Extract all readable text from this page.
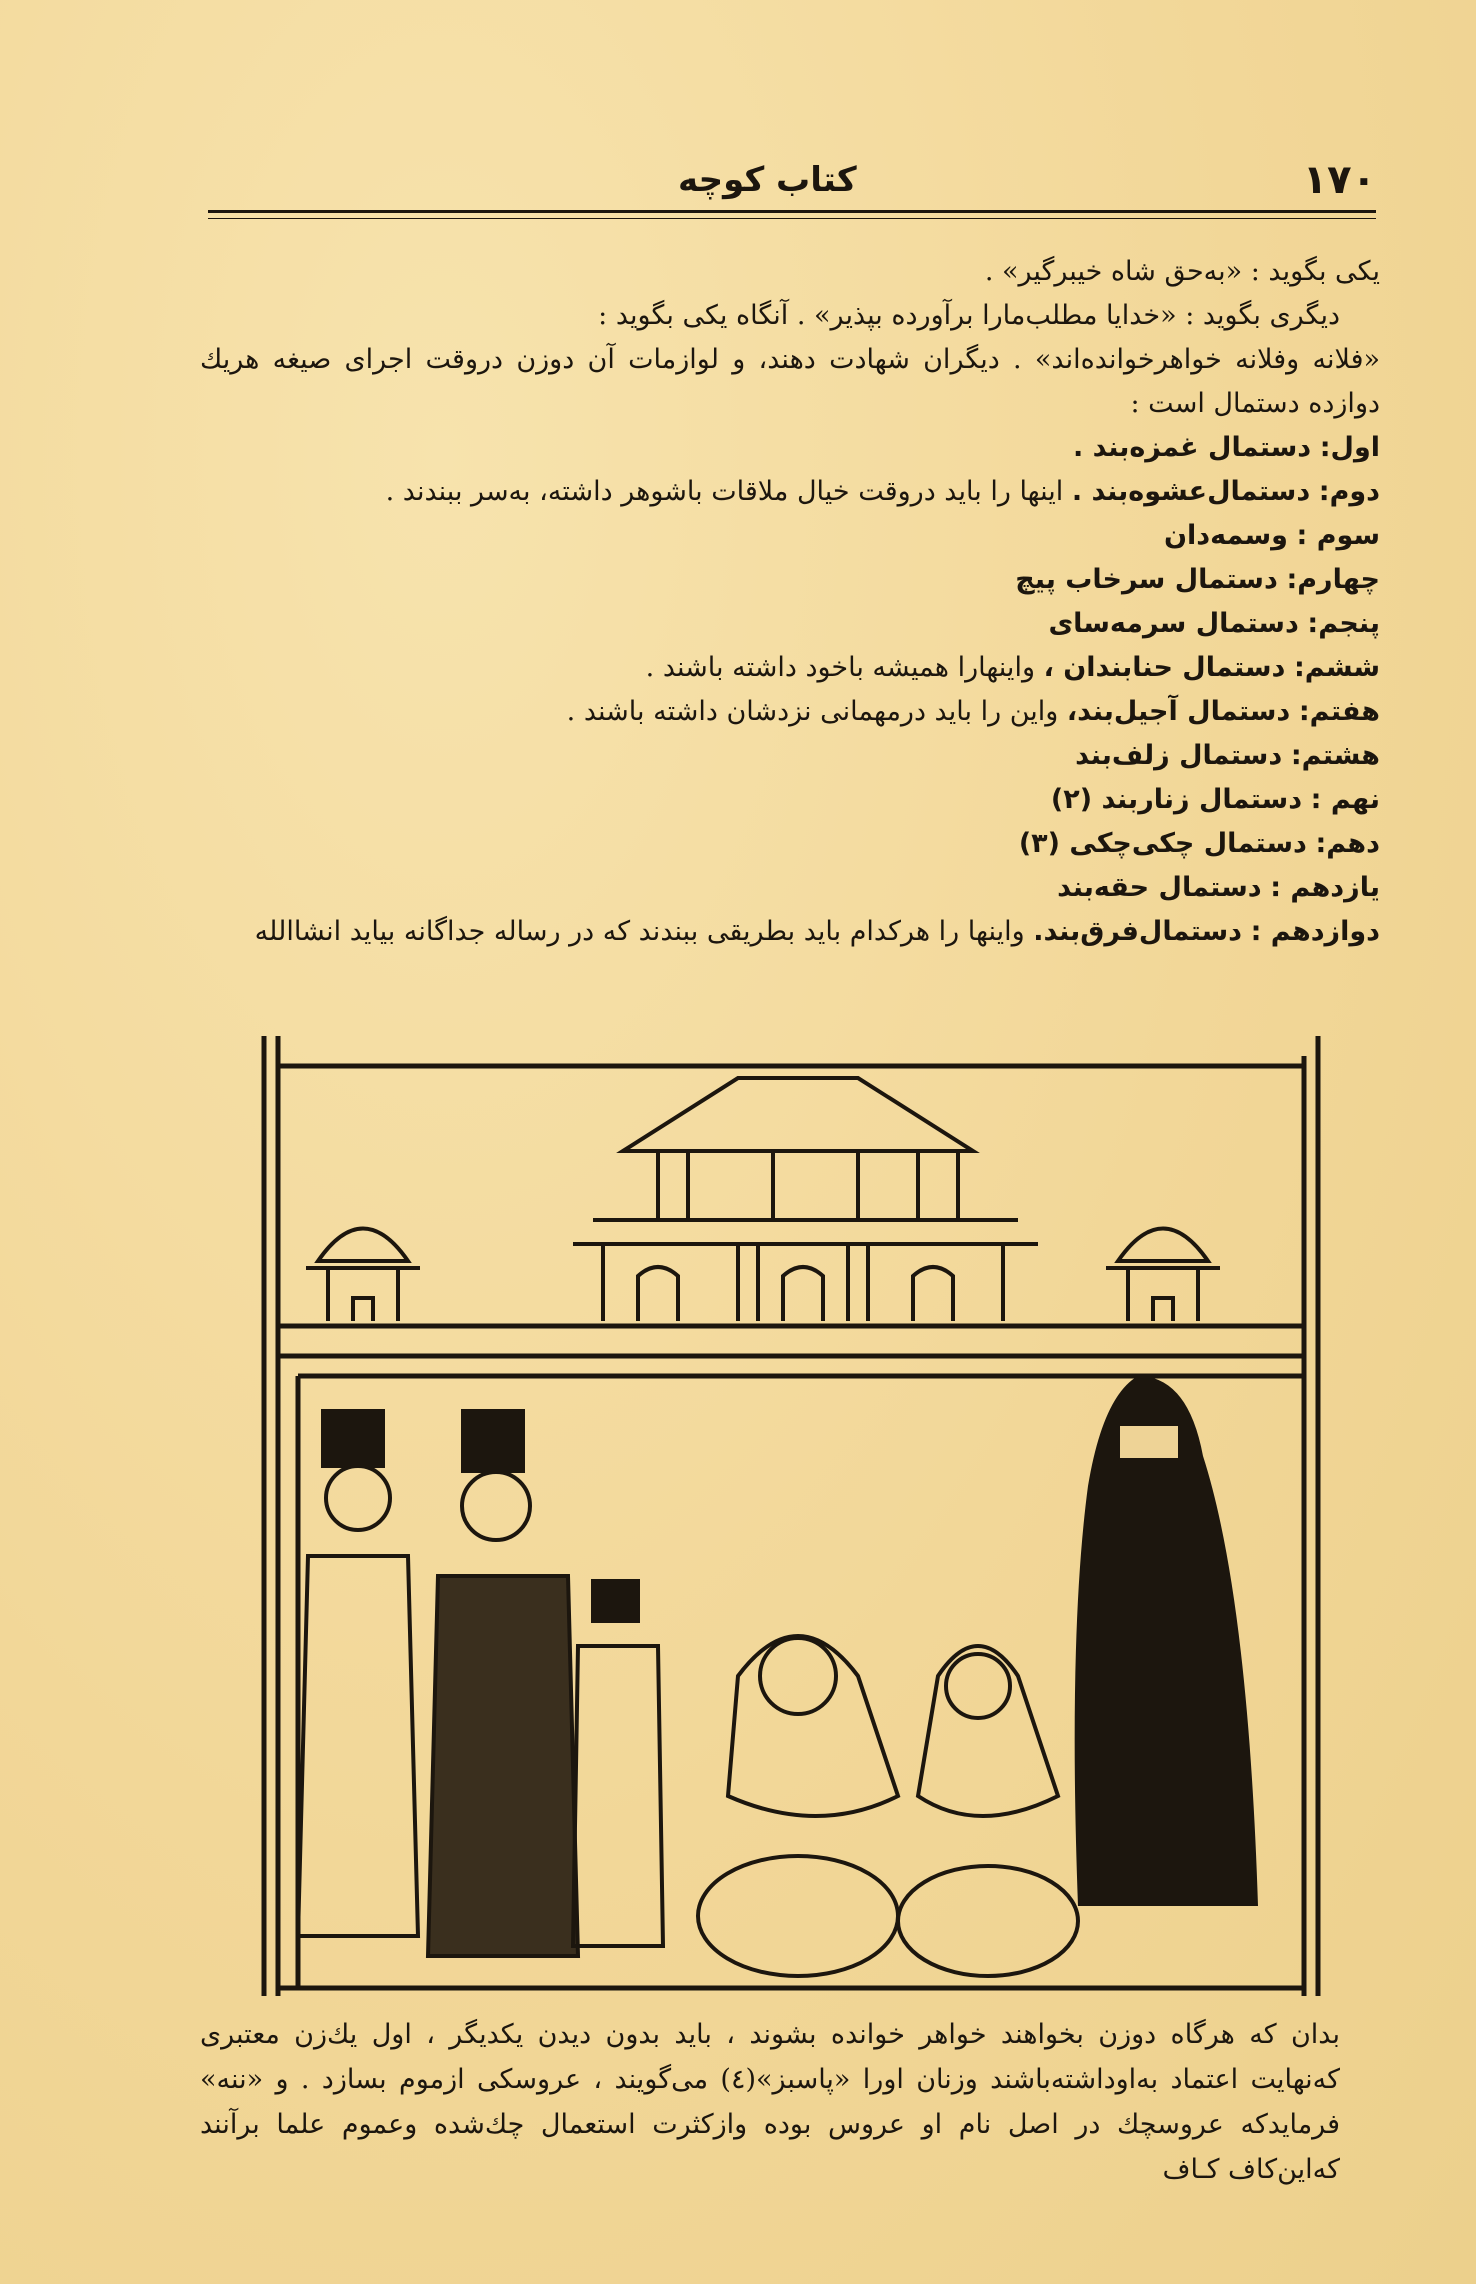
۱۷۰
کتاب کوچه

یکی بگوید : «به‌حق شاه خیبرگیر» .

دیگری بگوید : «خدایا مطلب‌مارا برآورده بپذیر» . آنگاه یکی بگوید :

«فلانه وفلانه خواهرخوانده‌اند» . دیگران شهادت دهند، و لوازمات آن دوزن دروقت اجرای صیغه هریك دوازده دستمال است :

اول: دستمال غمزه‌بند .

دوم: دستمال‌عشوه‌بند . اینها را باید دروقت خیال ملاقات باشوهر داشته، به‌سر ببندند .

سوم : وسمه‌دان

چهارم: دستمال سرخاب پیچ

پنجم: دستمال سرمه‌سای

ششم: دستمال حنابندان ، واینهارا همیشه باخود داشته باشند .

هفتم: دستمال آجیل‌بند، واین را باید درمهمانی نزدشان داشته باشند .

هشتم: دستمال زلف‌بند

نهم : دستمال زناربند (۲)

دهم: دستمال چکی‌چکی (۳)

یازدهم : دستمال حقه‌بند

دوازدهم : دستمال‌فرق‌بند. واینها را هرکدام باید بطریقی ببندند که در رساله جداگانه بیاید انشاالله

بدان که هرگاه دوزن بخواهند خواهر خوانده بشوند ، باید بدون دیدن یکدیگر ، اول یك‌زن معتبری که‌نهایت اعتماد به‌اوداشته‌باشند وزنان اورا «پاسبز»(٤) می‌گویند ، عروسکی ازموم بسازد . و «ننه» فرمایدکه عروسچك در اصل نام او عروس بوده وازکثرت استعمال چك‌شده وعموم علما برآنند که‌این‌کاف کـاف
